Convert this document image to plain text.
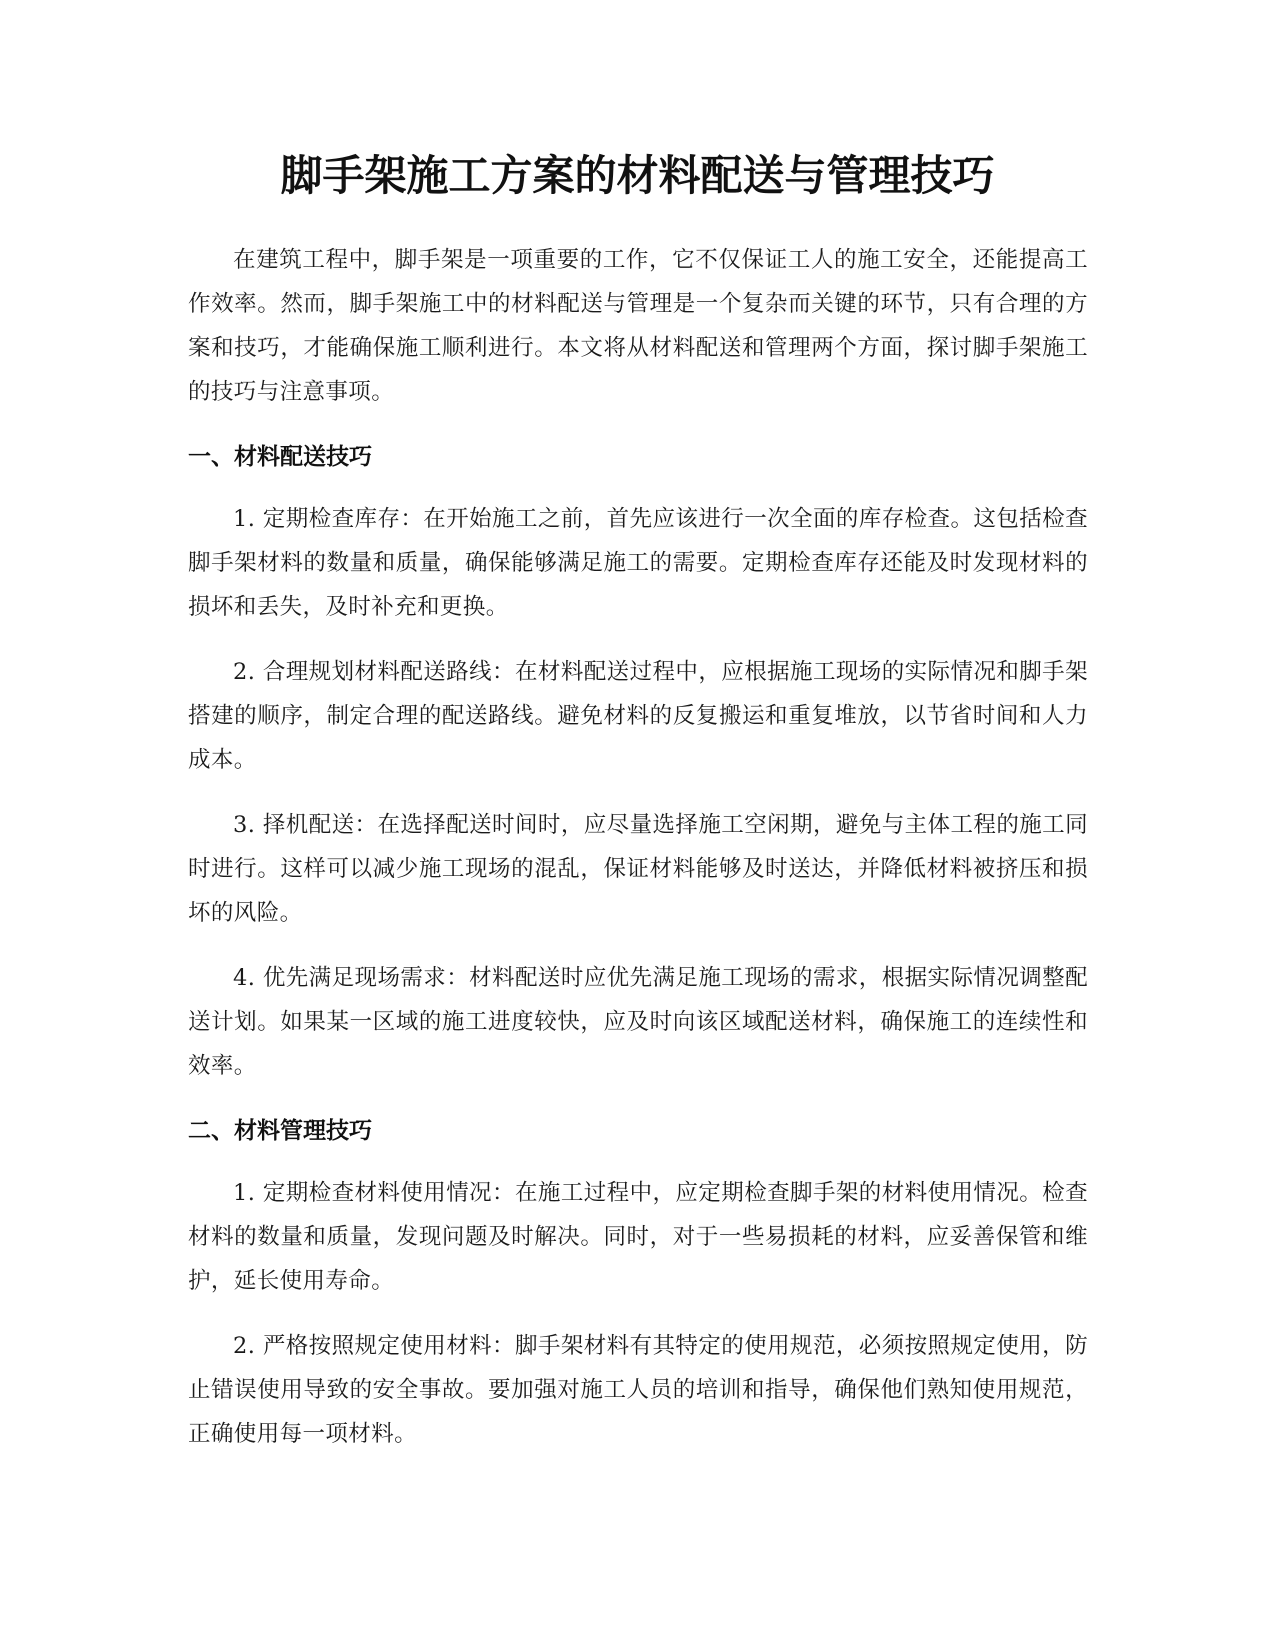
脚手架施工方案的材料配送与管理技巧

在建筑工程中，脚手架是一项重要的工作，它不仅保证工人的施工安全，还能提高工作效率。然而，脚手架施工中的材料配送与管理是一个复杂而关键的环节，只有合理的方案和技巧，才能确保施工顺利进行。本文将从材料配送和管理两个方面，探讨脚手架施工的技巧与注意事项。

一、材料配送技巧

1. 定期检查库存：在开始施工之前，首先应该进行一次全面的库存检查。这包括检查脚手架材料的数量和质量，确保能够满足施工的需要。定期检查库存还能及时发现材料的损坏和丢失，及时补充和更换。

2. 合理规划材料配送路线：在材料配送过程中，应根据施工现场的实际情况和脚手架搭建的顺序，制定合理的配送路线。避免材料的反复搬运和重复堆放，以节省时间和人力成本。

3. 择机配送：在选择配送时间时，应尽量选择施工空闲期，避免与主体工程的施工同时进行。这样可以减少施工现场的混乱，保证材料能够及时送达，并降低材料被挤压和损坏的风险。

4. 优先满足现场需求：材料配送时应优先满足施工现场的需求，根据实际情况调整配送计划。如果某一区域的施工进度较快，应及时向该区域配送材料，确保施工的连续性和效率。

二、材料管理技巧

1. 定期检查材料使用情况：在施工过程中，应定期检查脚手架的材料使用情况。检查材料的数量和质量，发现问题及时解决。同时，对于一些易损耗的材料，应妥善保管和维护，延长使用寿命。

2. 严格按照规定使用材料：脚手架材料有其特定的使用规范，必须按照规定使用，防止错误使用导致的安全事故。要加强对施工人员的培训和指导，确保他们熟知使用规范，正确使用每一项材料。
